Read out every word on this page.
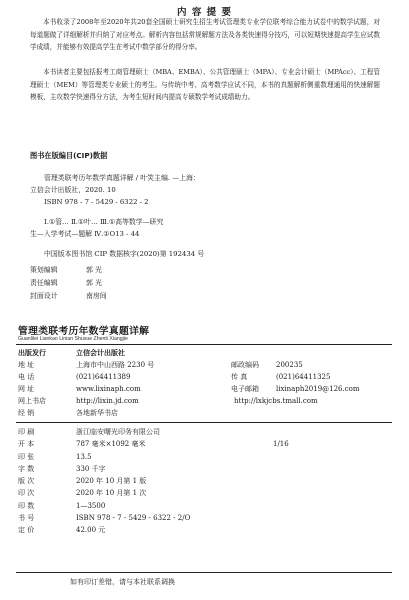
内 容 提 要

本书收录了2008年至2020年共20套全国硕士研究生招生考试管理类专业学位联考综合能力试卷中的数学试题，对每道题做了详细解析并归纳了对应考点。解析内容包括常规解题方法及各类快速得分技巧，可以短期快速提高学生应试数学成绩，并能够有效提高学生在考试中数学部分的得分率。

本书读者主要包括报考工商管理硕士（MBA、EMBA）、公共管理硕士（MPA）、专业会计硕士（MPAcc）、工程管理硕士（MEM）等管理类专业硕士的考生。与传统中考、高考数学应试不同，本书的真题解析侧重数理通用的快速解题模板，主攻数学快速得分方法，为考生短时间内提高专硕数学考试成绩助力。

图书在版编目(CIP)数据
管理类联考历年数学真题详解 / 叶笑主编. —上海：
立信会计出版社，2020. 10
ISBN 978 - 7 - 5429 - 6322 - 2
Ⅰ.①管… Ⅱ.①叶… Ⅲ.①高等数学—研究
生—入学考试—题解 Ⅳ.①O13 - 44
中国版本图书馆 CIP 数据核字(2020)第 192434 号
策划编辑	郭 光
责任编辑	郭 光
封面设计	南房间
管理类联考历年数学真题详解
Guanlilei Liankao Linian Shuxue Zhenti Xiangjie
出版发行	立信会计出版社
地 址	上海市中山西路 2230 号	邮政编码 200235
电 话	(021)64411389	传 真	(021)64411325
网 址	www.lixinaph.com	电子邮箱 lixinaph2019@126.com
网上书店	http://lixin.jd.com	http://lxkjcbs.tmall.com
经 销	各地新华书店
印 刷	浙江临安曙光印务有限公司
开 本	787 毫米×1092 毫米	1/16
印 张	13.5
字 数	330 千字
版 次	2020 年 10 月第 1 版
印 次	2020 年 10 月第 1 次
印 数	1—3500
书 号	ISBN 978 - 7 - 5429 - 6322 - 2/O
定 价	42.00 元
如有印订差错，请与本社联系调换
